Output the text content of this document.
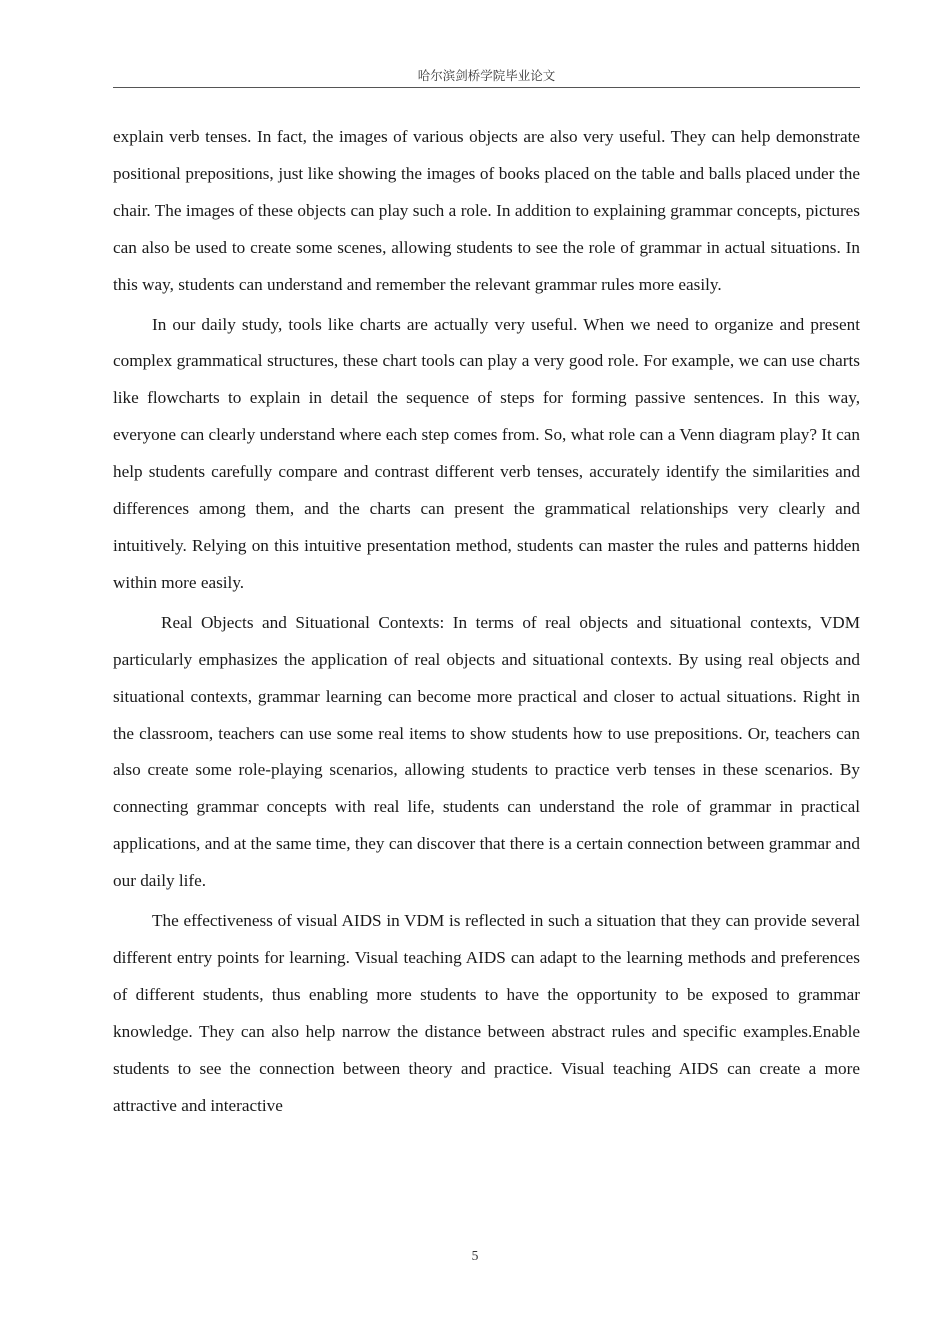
哈尔滨剑桥学院毕业论文

explain verb tenses. In fact, the images of various objects are also very useful. They can help demonstrate positional prepositions, just like showing the images of books placed on the table and balls placed under the chair. The images of these objects can play such a role. In addition to explaining grammar concepts, pictures can also be used to create some scenes, allowing students to see the role of grammar in actual situations. In this way, students can understand and remember the relevant grammar rules more easily.

In our daily study, tools like charts are actually very useful. When we need to organize and present complex grammatical structures, these chart tools can play a very good role. For example, we can use charts like flowcharts to explain in detail the sequence of steps for forming passive sentences. In this way, everyone can clearly understand where each step comes from. So, what role can a Venn diagram play? It can help students carefully compare and contrast different verb tenses, accurately identify the similarities and differences among them, and the charts can present the grammatical relationships very clearly and intuitively. Relying on this intuitive presentation method, students can master the rules and patterns hidden within more easily.

Real Objects and Situational Contexts: In terms of real objects and situational contexts, VDM particularly emphasizes the application of real objects and situational contexts. By using real objects and situational contexts, grammar learning can become more practical and closer to actual situations. Right in the classroom, teachers can use some real items to show students how to use prepositions. Or, teachers can also create some role-playing scenarios, allowing students to practice verb tenses in these scenarios. By connecting grammar concepts with real life, students can understand the role of grammar in practical applications, and at the same time, they can discover that there is a certain connection between grammar and our daily life.

The effectiveness of visual AIDS in VDM is reflected in such a situation that they can provide several different entry points for learning. Visual teaching AIDS can adapt to the learning methods and preferences of different students, thus enabling more students to have the opportunity to be exposed to grammar knowledge. They can also help narrow the distance between abstract rules and specific examples.Enable students to see the connection between theory and practice. Visual teaching AIDS can create a more attractive and interactive

5
